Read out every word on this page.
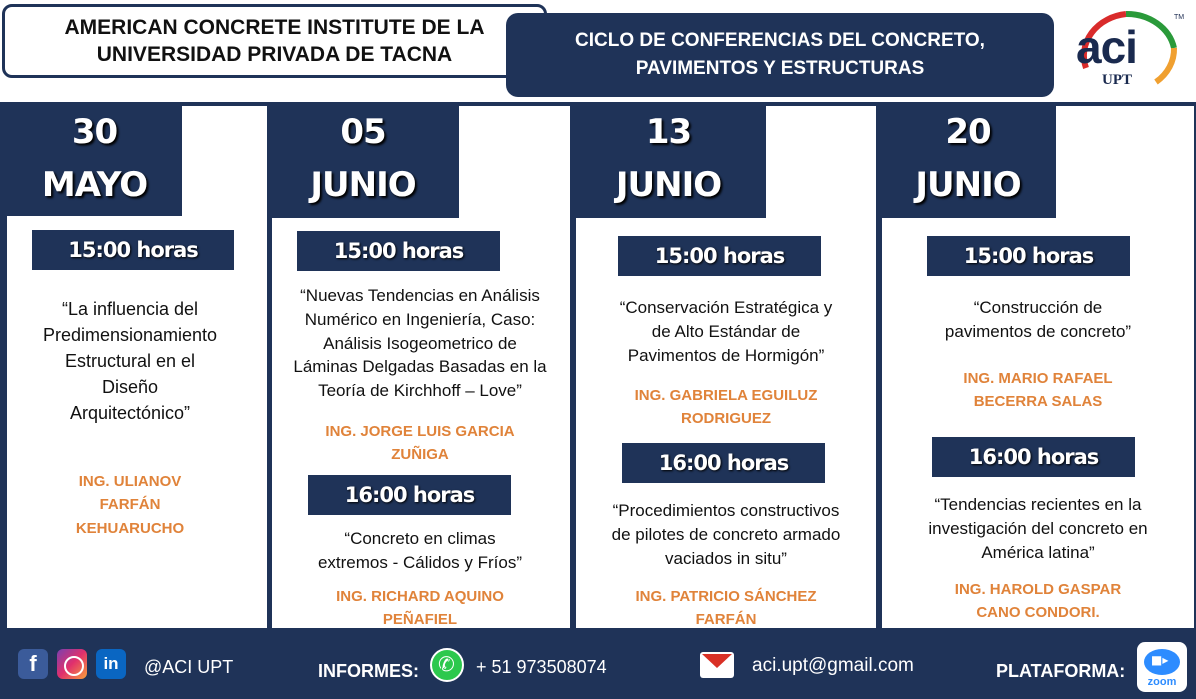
AMERICAN CONCRETE INSTITUTE DE LA
UNIVERSIDAD PRIVADA DE TACNA
CICLO DE CONFERENCIAS DEL CONCRETO,
PAVIMENTOS Y ESTRUCTURAS	aci
UPT
TM
30
MAYO
15:00 horas
“La influencia del
Predimensionamiento
Estructural en el
Diseño
Arquitectónico”
ING. ULIANOV
FARFÁN
KEHUARUCHO
05
JUNIO
15:00 horas
“Nuevas Tendencias en Análisis
Numérico en Ingeniería, Caso:
Análisis Isogeometrico de
Láminas Delgadas Basadas en la
Teoría de Kirchhoff – Love”
ING. JORGE LUIS GARCIA
ZUÑIGA
16:00 horas
“Concreto en climas
extremos - Cálidos y Fríos”
ING. RICHARD AQUINO
PEÑAFIEL
13
JUNIO
15:00 horas
“Conservación Estratégica y
de Alto Estándar de
Pavimentos de Hormigón”
ING. GABRIELA EGUILUZ
RODRIGUEZ
16:00 horas
“Procedimientos constructivos
de pilotes de concreto armado
vaciados in situ”
ING. PATRICIO SÁNCHEZ
FARFÁN
20
JUNIO
15:00 horas
“Construcción de
pavimentos de concreto”
ING. MARIO RAFAEL
BECERRA SALAS
16:00 horas
“Tendencias recientes en la
investigación del concreto en
América latina”
ING. HAROLD GASPAR
CANO CONDORI.
f	in	@ACI UPT	INFORMES:
✆	+ 51 973508074	aci.upt@gmail.com	PLATAFORMA:
■▸
zoom
